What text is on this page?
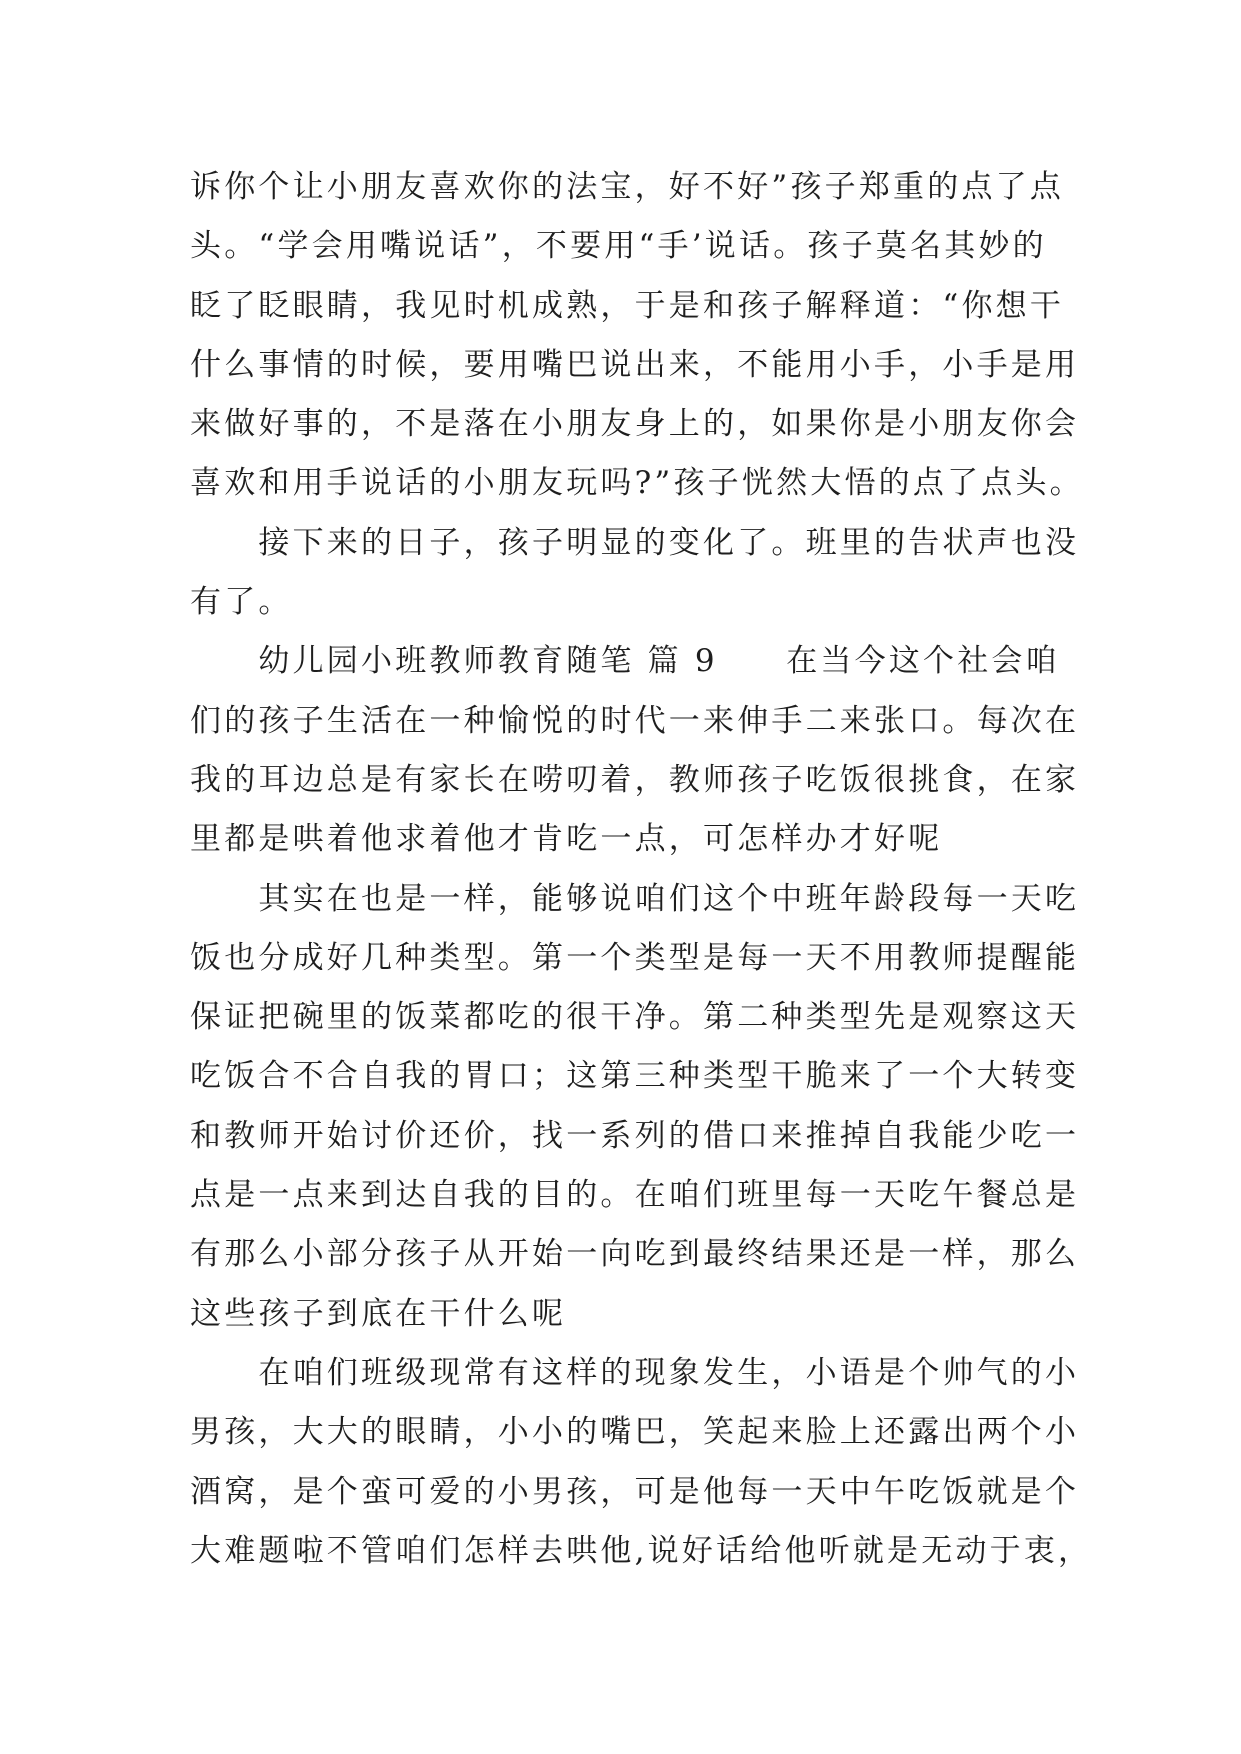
诉你个让小朋友喜欢你的法宝，好不好”孩子郑重的点了点
头。“学会用嘴说话”，不要用“手’说话。孩子莫名其妙的
眨了眨眼睛，我见时机成熟，于是和孩子解释道：“你想干
什么事情的时候，要用嘴巴说出来，不能用小手，小手是用
来做好事的，不是落在小朋友身上的，如果你是小朋友你会
喜欢和用手说话的小朋友玩吗?”孩子恍然大悟的点了点头。
　　接下来的日子，孩子明显的变化了。班里的告状声也没
有了。
　　幼儿园小班教师教育随笔 篇 9　　在当今这个社会咱
们的孩子生活在一种愉悦的时代一来伸手二来张口。每次在
我的耳边总是有家长在唠叨着，教师孩子吃饭很挑食，在家
里都是哄着他求着他才肯吃一点，可怎样办才好呢
　　其实在也是一样，能够说咱们这个中班年龄段每一天吃
饭也分成好几种类型。第一个类型是每一天不用教师提醒能
保证把碗里的饭菜都吃的很干净。第二种类型先是观察这天
吃饭合不合自我的胃口；这第三种类型干脆来了一个大转变
和教师开始讨价还价，找一系列的借口来推掉自我能少吃一
点是一点来到达自我的目的。在咱们班里每一天吃午餐总是
有那么小部分孩子从开始一向吃到最终结果还是一样，那么
这些孩子到底在干什么呢
　　在咱们班级现常有这样的现象发生，小语是个帅气的小
男孩，大大的眼睛，小小的嘴巴，笑起来脸上还露出两个小
酒窝，是个蛮可爱的小男孩，可是他每一天中午吃饭就是个
大难题啦不管咱们怎样去哄他,说好话给他听就是无动于衷，
